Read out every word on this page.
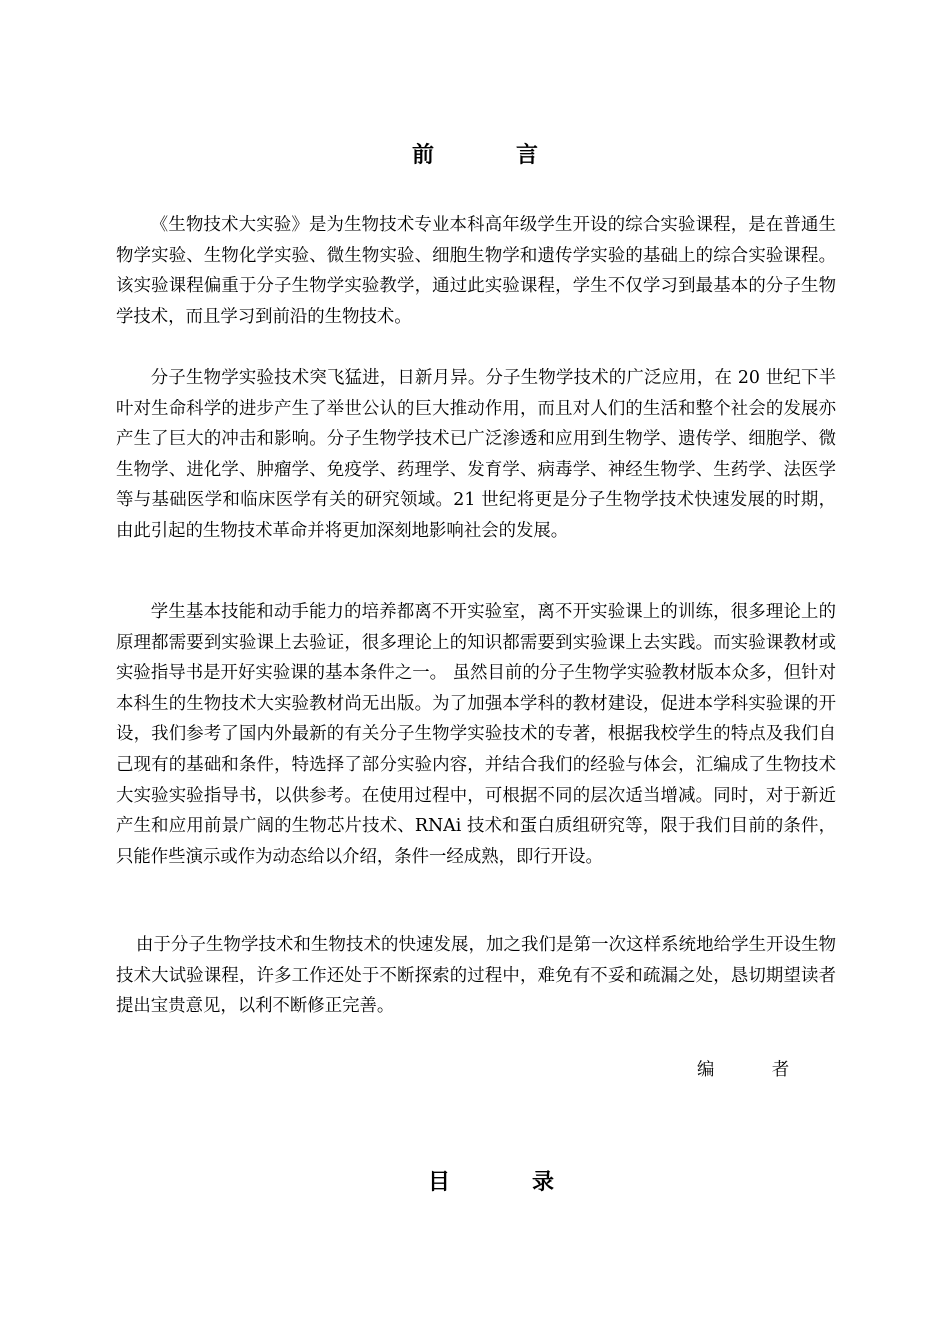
前　言

《生物技术大实验》是为生物技术专业本科高年级学生开设的综合实验课程，是在普通生物学实验、生物化学实验、微生物实验、细胞生物学和遗传学实验的基础上的综合实验课程。该实验课程偏重于分子生物学实验教学，通过此实验课程，学生不仅学习到最基本的分子生物学技术，而且学习到前沿的生物技术。

分子生物学实验技术突飞猛进，日新月异。分子生物学技术的广泛应用，在 20 世纪下半叶对生命科学的进步产生了举世公认的巨大推动作用，而且对人们的生活和整个社会的发展亦产生了巨大的冲击和影响。分子生物学技术已广泛渗透和应用到生物学、遗传学、细胞学、微生物学、进化学、肿瘤学、免疫学、药理学、发育学、病毒学、神经生物学、生药学、法医学等与基础医学和临床医学有关的研究领域。21 世纪将更是分子生物学技术快速发展的时期，由此引起的生物技术革命并将更加深刻地影响社会的发展。

学生基本技能和动手能力的培养都离不开实验室，离不开实验课上的训练，很多理论上的原理都需要到实验课上去验证，很多理论上的知识都需要到实验课上去实践。而实验课教材或实验指导书是开好实验课的基本条件之一。 虽然目前的分子生物学实验教材版本众多，但针对本科生的生物技术大实验教材尚无出版。为了加强本学科的教材建设，促进本学科实验课的开设，我们参考了国内外最新的有关分子生物学实验技术的专著，根据我校学生的特点及我们自己现有的基础和条件，特选择了部分实验内容，并结合我们的经验与体会，汇编成了生物技术大实验实验指导书，以供参考。在使用过程中，可根据不同的层次适当增减。同时，对于新近产生和应用前景广阔的生物芯片技术、RNAi 技术和蛋白质组研究等，限于我们目前的条件，只能作些演示或作为动态给以介绍，条件一经成熟，即行开设。

由于分子生物学技术和生物技术的快速发展，加之我们是第一次这样系统地给学生开设生物技术大试验课程，许多工作还处于不断探索的过程中，难免有不妥和疏漏之处，恳切期望读者提出宝贵意见，以利不断修正完善。

编　者
目　录
